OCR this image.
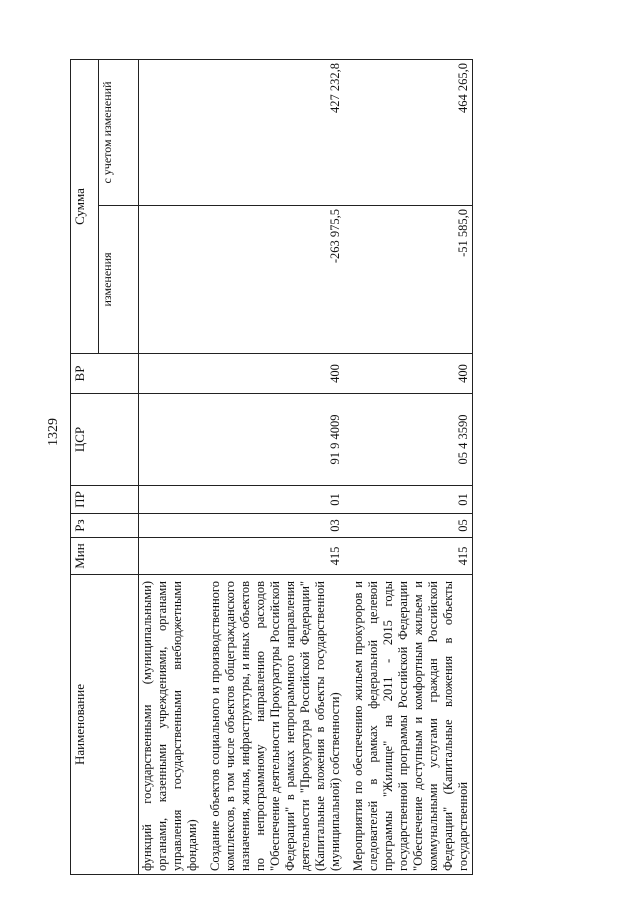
1329
Наименование	Мин	Рз	ПР	ЦСР	ВР	Сумма	
						изменения	с учетом изменений
функций государственными (муниципальными) органами, казенными учреждениями, органами управления государственными внебюджетными фондами)							

Создание объектов социального и производственного комплексов, в том числе объектов общегражданского назначения, жилья, инфраструктуры, и иных объектов по непрограммному направлению расходов "Обеспечение деятельности Прокуратуры Российской Федерации" в рамках непрограммного направления деятельности "Прокуратура Российской Федерации" (Капитальные вложения в объекты государственной (муниципальной) собственности)	415	03	01	91 9 4009	400	-263 975,5	427 232,8

Мероприятия по обеспечению жильем прокуроров и следователей в рамках федеральной целевой программы "Жилище" на 2011 - 2015 годы государственной программы Российской Федерации "Обеспечение доступным и комфортным жильем и коммунальными услугами граждан Российской Федерации" (Капитальные вложения в объекты государственной	415	05	01	05 4 3590	400	-51 585,0	464 265,0
